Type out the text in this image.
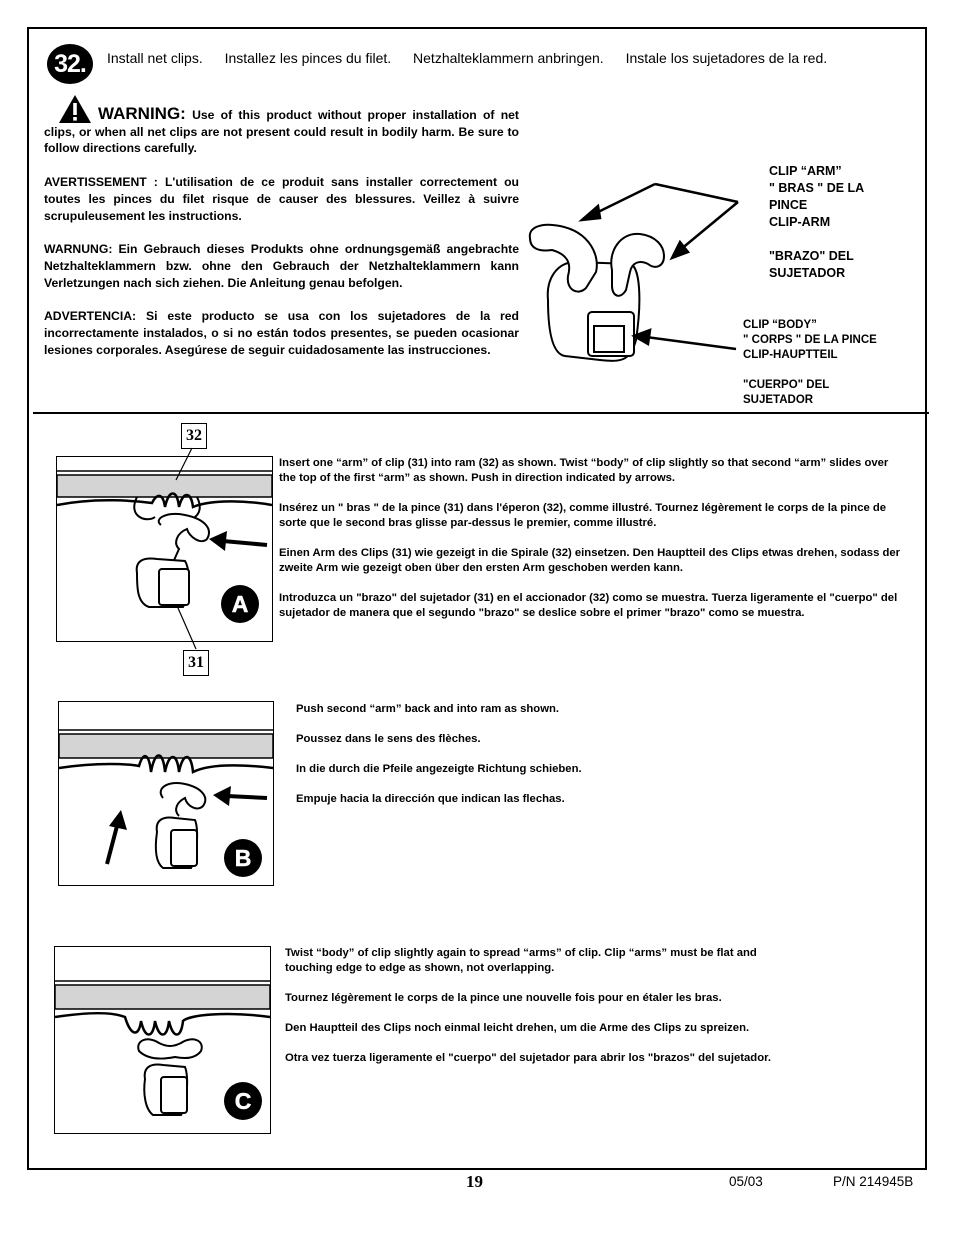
32.	Install net clips. Installez les pinces du filet. Netzhalteklammern anbringen. Instale los sujetadores de la red.

WARNING: Use of this product without proper installation of net clips, or when all net clips are not present could result in bodily harm. Be sure to follow directions carefully.

AVERTISSEMENT : L'utilisation de ce produit sans installer correctement ou toutes les pinces du filet risque de causer des blessures. Veillez à suivre scrupuleusement les instructions.

WARNUNG: Ein Gebrauch dieses Produkts ohne ordnungsgemäß angebrachte Netzhalteklammern bzw. ohne den Gebrauch der Netzhalteklammern kann Verletzungen nach sich ziehen. Die Anleitung genau befolgen.

ADVERTENCIA: Si este producto se usa con los sujetadores de la red incorrectamente instalados, o si no están todos presentes, se pueden ocasionar lesiones corporales. Asegúrese de seguir cuidadosamente las instrucciones.

CLIP “ARM”
" BRAS " DE LA PINCE
CLIP-ARM
"BRAZO" DEL SUJETADOR
CLIP “BODY”
" CORPS " DE LA PINCE
CLIP-HAUPTTEIL
"CUERPO" DEL SUJETADOR
32
31
A

Insert one “arm” of clip (31) into ram (32) as shown. Twist “body” of clip slightly so that second “arm” slides over the top of the first “arm” as shown. Push in direction indicated by arrows.

Insérez un " bras " de la pince (31) dans l'éperon (32), comme illustré. Tournez légèrement le corps de la pince de sorte que le second bras glisse par-dessus le premier, comme illustré.

Einen Arm des Clips (31) wie gezeigt in die Spirale (32) einsetzen. Den Hauptteil des Clips etwas drehen, sodass der zweite Arm wie gezeigt oben über den ersten Arm geschoben werden kann.

Introduzca un "brazo" del sujetador (31) en el accionador (32) como se muestra. Tuerza ligeramente el "cuerpo" del sujetador de manera que el segundo "brazo" se deslice sobre el primer "brazo" como se muestra.

B

Push second “arm” back and into ram as shown.

Poussez dans le sens des flèches.

In die durch die Pfeile angezeigte Richtung schieben.

Empuje hacia la dirección que indican las flechas.

C

Twist “body” of clip slightly again to spread “arms” of clip. Clip “arms” must be flat and touching edge to edge as shown, not overlapping.

Tournez légèrement le corps de la pince une nouvelle fois pour en étaler les bras.

Den Hauptteil des Clips noch einmal leicht drehen, um die Arme des Clips zu spreizen.

Otra vez tuerza ligeramente el "cuerpo" del sujetador para abrir los "brazos" del sujetador.

19	05/03	P/N 214945B
